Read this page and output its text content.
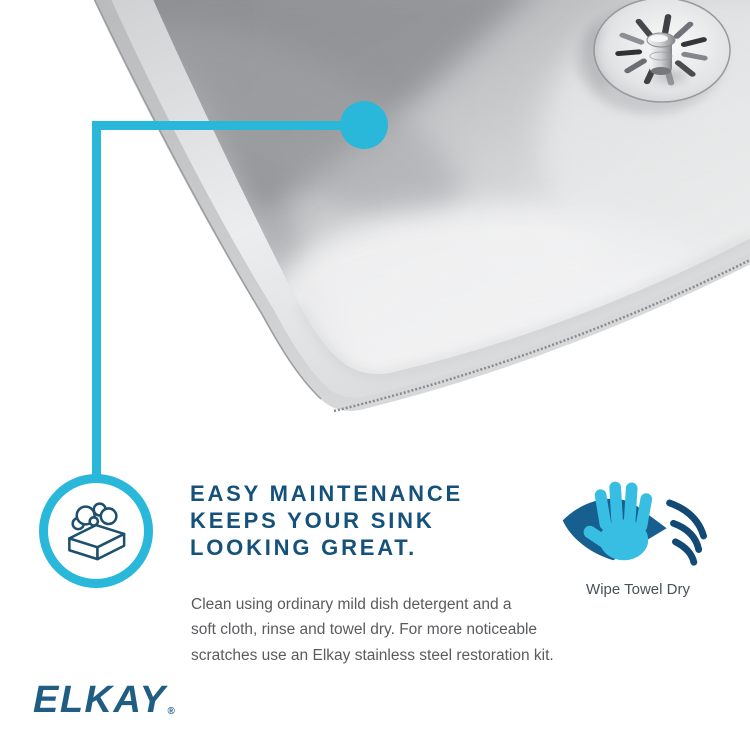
EASY MAINTENANCE
KEEPS YOUR SINK
LOOKING GREAT.
Clean using ordinary mild dish detergent and a
soft cloth, rinse and towel dry. For more noticeable
scratches use an Elkay stainless steel restoration kit.
Wipe Towel Dry
ELKAY®
